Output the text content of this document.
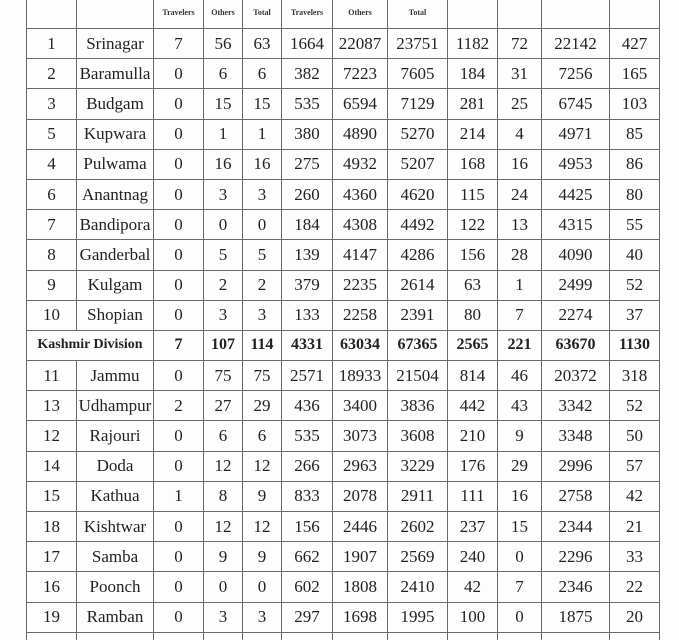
		Travelers	Others	Total	Travelers	Others	Total				
1	Srinagar	7	56	63	1664	22087	23751	1182	72	22142	427
2	Baramulla	0	6	6	382	7223	7605	184	31	7256	165
3	Budgam	0	15	15	535	6594	7129	281	25	6745	103
5	Kupwara	0	1	1	380	4890	5270	214	4	4971	85
4	Pulwama	0	16	16	275	4932	5207	168	16	4953	86
6	Anantnag	0	3	3	260	4360	4620	115	24	4425	80
7	Bandipora	0	0	0	184	4308	4492	122	13	4315	55
8	Ganderbal	0	5	5	139	4147	4286	156	28	4090	40
9	Kulgam	0	2	2	379	2235	2614	63	1	2499	52
10	Shopian	0	3	3	133	2258	2391	80	7	2274	37
Kashmir Division		7	107	114	4331	63034	67365	2565	221	63670	1130
11	Jammu	0	75	75	2571	18933	21504	814	46	20372	318
13	Udhampur	2	27	29	436	3400	3836	442	43	3342	52
12	Rajouri	0	6	6	535	3073	3608	210	9	3348	50
14	Doda	0	12	12	266	2963	3229	176	29	2996	57
15	Kathua	1	8	9	833	2078	2911	111	16	2758	42
18	Kishtwar	0	12	12	156	2446	2602	237	15	2344	21
17	Samba	0	9	9	662	1907	2569	240	0	2296	33
16	Poonch	0	0	0	602	1808	2410	42	7	2346	22
19	Ramban	0	3	3	297	1698	1995	100	0	1875	20
